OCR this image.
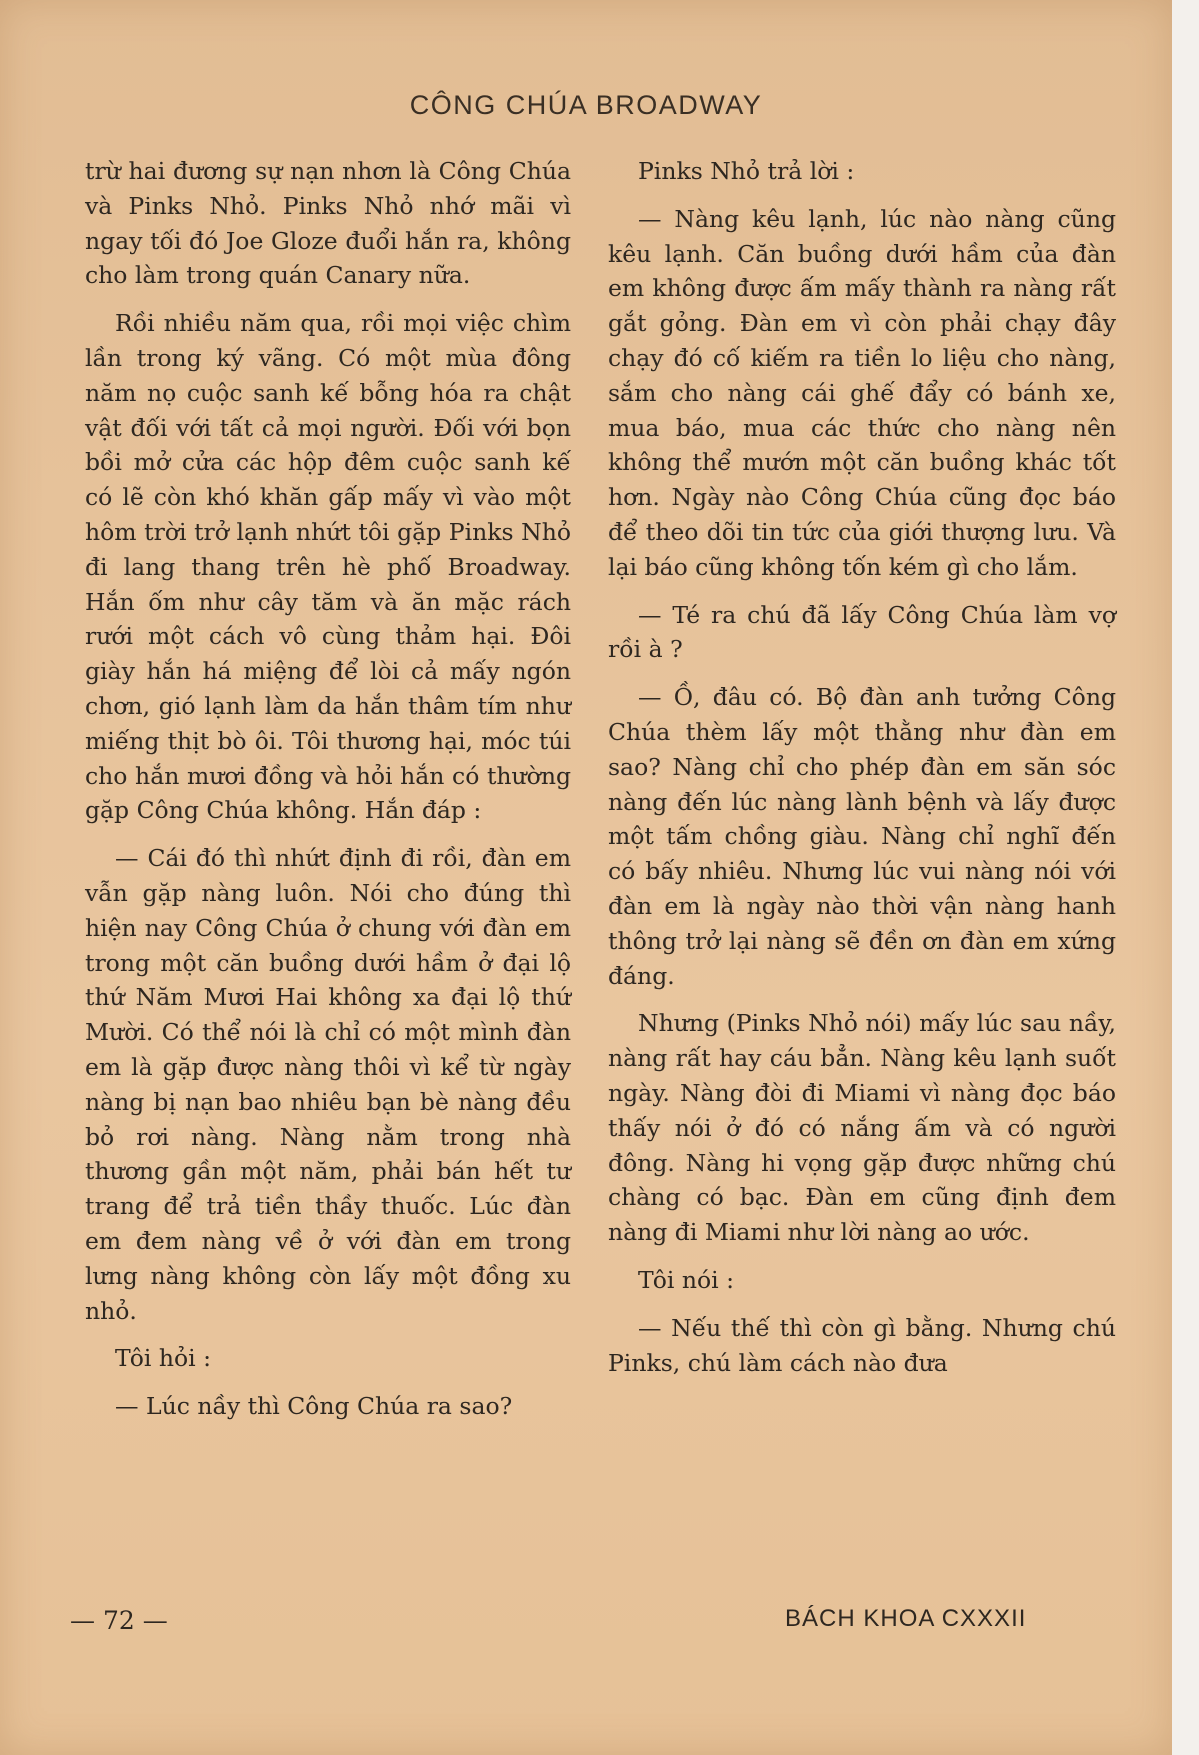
CÔNG CHÚA BROADWAY

trừ hai đương sự nạn nhơn là Công Chúa và Pinks Nhỏ. Pinks Nhỏ nhớ mãi vì ngay tối đó Joe Gloze đuổi hắn ra, không cho làm trong quán Canary nữa.

Rồi nhiều năm qua, rồi mọi việc chìm lần trong ký vãng. Có một mùa đông năm nọ cuộc sanh kế bỗng hóa ra chật vật đối với tất cả mọi người. Đối với bọn bồi mở cửa các hộp đêm cuộc sanh kế có lẽ còn khó khăn gấp mấy vì vào một hôm trời trở lạnh nhứt tôi gặp Pinks Nhỏ đi lang thang trên hè phố Broadway. Hắn ốm như cây tăm và ăn mặc rách rưới một cách vô cùng thảm hại. Đôi giày hắn há miệng để lòi cả mấy ngón chơn, gió lạnh làm da hắn thâm tím như miếng thịt bò ôi. Tôi thương hại, móc túi cho hắn mươi đồng và hỏi hắn có thường gặp Công Chúa không. Hắn đáp :

— Cái đó thì nhứt định đi rồi, đàn em vẫn gặp nàng luôn. Nói cho đúng thì hiện nay Công Chúa ở chung với đàn em trong một căn buồng dưới hầm ở đại lộ thứ Năm Mươi Hai không xa đại lộ thứ Mười. Có thể nói là chỉ có một mình đàn em là gặp được nàng thôi vì kể từ ngày nàng bị nạn bao nhiêu bạn bè nàng đều bỏ rơi nàng. Nàng nằm trong nhà thương gần một năm, phải bán hết tư trang để trả tiền thầy thuốc. Lúc đàn em đem nàng về ở với đàn em trong lưng nàng không còn lấy một đồng xu nhỏ.

Tôi hỏi :

— Lúc nầy thì Công Chúa ra sao?

Pinks Nhỏ trả lời :

— Nàng kêu lạnh, lúc nào nàng cũng kêu lạnh. Căn buồng dưới hầm của đàn em không được ấm mấy thành ra nàng rất gắt gỏng. Đàn em vì còn phải chạy đây chạy đó cố kiếm ra tiền lo liệu cho nàng, sắm cho nàng cái ghế đẩy có bánh xe, mua báo, mua các thức cho nàng nên không thể mướn một căn buồng khác tốt hơn. Ngày nào Công Chúa cũng đọc báo để theo dõi tin tức của giới thượng lưu. Và lại báo cũng không tốn kém gì cho lắm.

— Té ra chú đã lấy Công Chúa làm vợ rồi à ?

— Ồ, đâu có. Bộ đàn anh tưởng Công Chúa thèm lấy một thằng như đàn em sao? Nàng chỉ cho phép đàn em săn sóc nàng đến lúc nàng lành bệnh và lấy được một tấm chồng giàu. Nàng chỉ nghĩ đến có bấy nhiêu. Nhưng lúc vui nàng nói với đàn em là ngày nào thời vận nàng hanh thông trở lại nàng sẽ đền ơn đàn em xứng đáng.

Nhưng (Pinks Nhỏ nói) mấy lúc sau nầy, nàng rất hay cáu bẳn. Nàng kêu lạnh suốt ngày. Nàng đòi đi Miami vì nàng đọc báo thấy nói ở đó có nắng ấm và có người đông. Nàng hi vọng gặp được những chú chàng có bạc. Đàn em cũng định đem nàng đi Miami như lời nàng ao ước.

Tôi nói :

— Nếu thế thì còn gì bằng. Nhưng chú Pinks, chú làm cách nào đưa

— 72 —	BÁCH KHOA CXXXII
